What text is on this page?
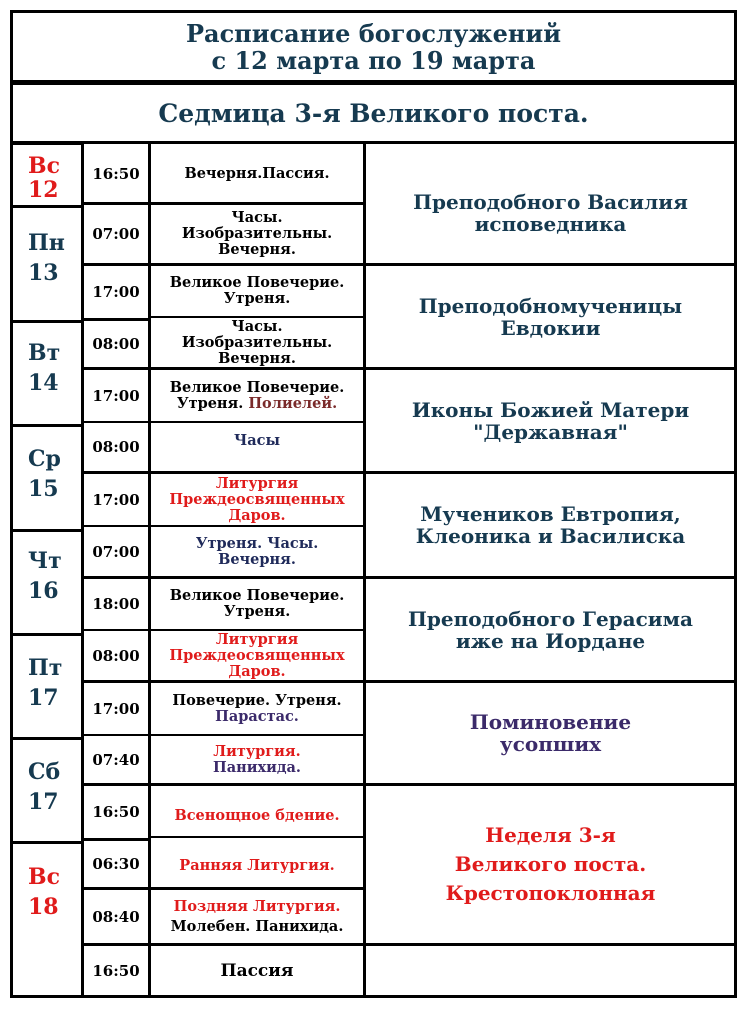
Расписание богослужений
с 12 марта по 19 марта
Седмица 3-я Великого поста.
Вс
12
Пн
13
Вт
14
Ср
15
Чт
16
Пт
17
Сб
17
Вс
18
16:50
07:00
17:00
08:00
17:00
08:00
17:00
07:00
18:00
08:00
17:00
07:40
16:50
06:30
08:40
16:50
Вечерня.Пассия.
Часы.
Изобразительны.
Вечерня.
Великое Повечерие.
Утреня.
Часы.
Изобразительны.
Вечерня.
Великое Повечерие.
Утреня. Полиелей.
Часы
Литургия
Преждеосвященных
Даров.
Утреня. Часы.
Вечерня.
Великое Повечерие.
Утреня.
Литургия
Преждеосвященных
Даров.
Повечерие. Утреня.
Парастас.
Литургия.
Панихида.
Всенощное бдение.
Ранняя Литургия.
Поздняя Литургия.
Молебен. Панихида.
Пассия
Преподобного Василия
исповедника
Преподобномученицы
Евдокии
Иконы Божией Матери
"Державная"
Мучеников Евтропия,
Клеоника и Василиска
Преподобного Герасима
иже на Иордане
Поминовение
усопших
Неделя 3-я
Великого поста.
Крестопоклонная
